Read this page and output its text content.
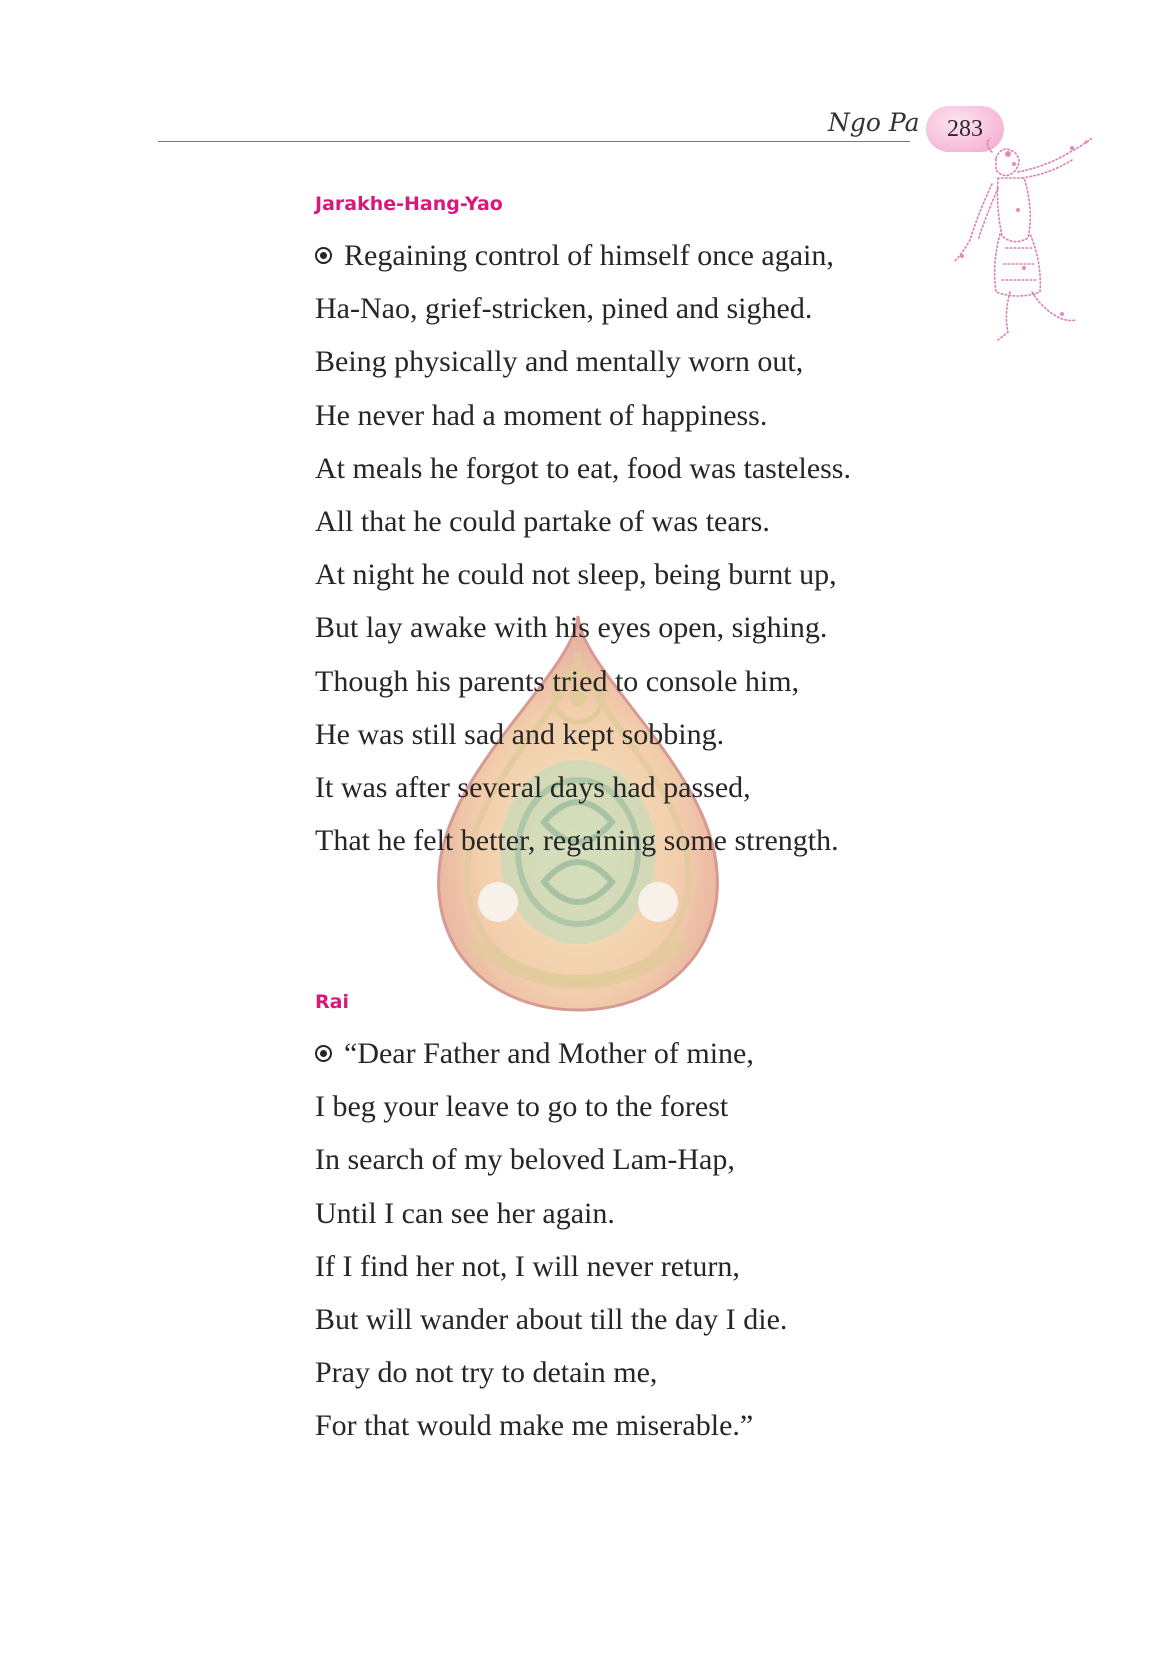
Ngo Pa 283
Jarakhe-Hang-Yao
Regaining control of himself once again,
Ha-Nao, grief-stricken, pined and sighed.
Being physically and mentally worn out,
He never had a moment of happiness.
At meals he forgot to eat, food was tasteless.
All that he could partake of was tears.
At night he could not sleep, being burnt up,
But lay awake with his eyes open, sighing.
Though his parents tried to console him,
He was still sad and kept sobbing.
It was after several days had passed,
That he felt better, regaining some strength.
Rai
“Dear Father and Mother of mine,
I beg your leave to go to the forest
In search of my beloved Lam-Hap,
Until I can see her again.
If I find her not, I will never return,
But will wander about till the day I die.
Pray do not try to detain me,
For that would make me miserable.”
